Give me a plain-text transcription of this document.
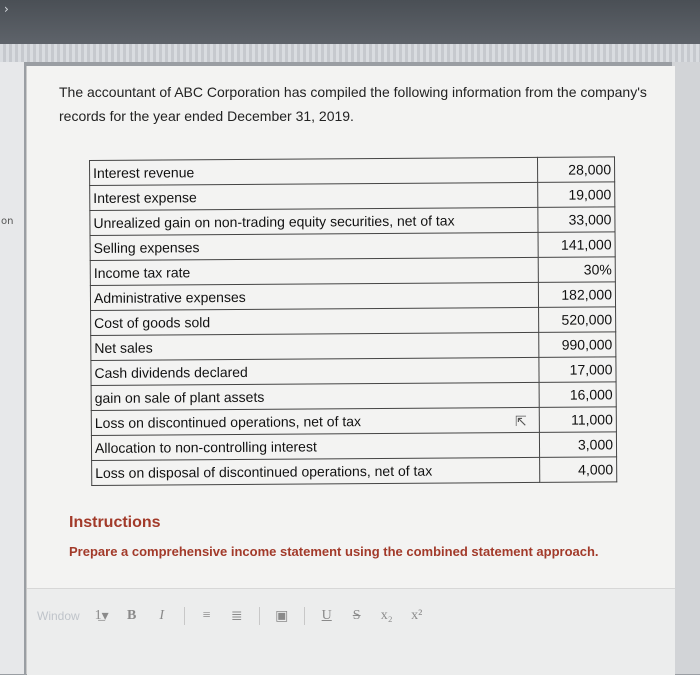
›
on
The accountant of ABC Corporation has compiled the following information from the company's records for the year ended December 31, 2019.
Interest revenue	28,000
Interest expense	19,000
Unrealized gain on non-trading equity securities, net of tax	33,000
Selling expenses	141,000
Income tax rate	30%
Administrative expenses	182,000
Cost of goods sold	520,000
Net sales	990,000
Cash dividends declared	17,000
gain on sale of plant assets	16,000
Loss on discontinued operations, net of tax	11,000
Allocation to non-controlling interest	3,000
Loss on disposal of discontinued operations, net of tax	4,000
⇱
Instructions
Prepare a comprehensive income statement using the combined statement approach.
Window 1̲ ▾ B	I	≡ ≣ ▣ U S x₂ x²
